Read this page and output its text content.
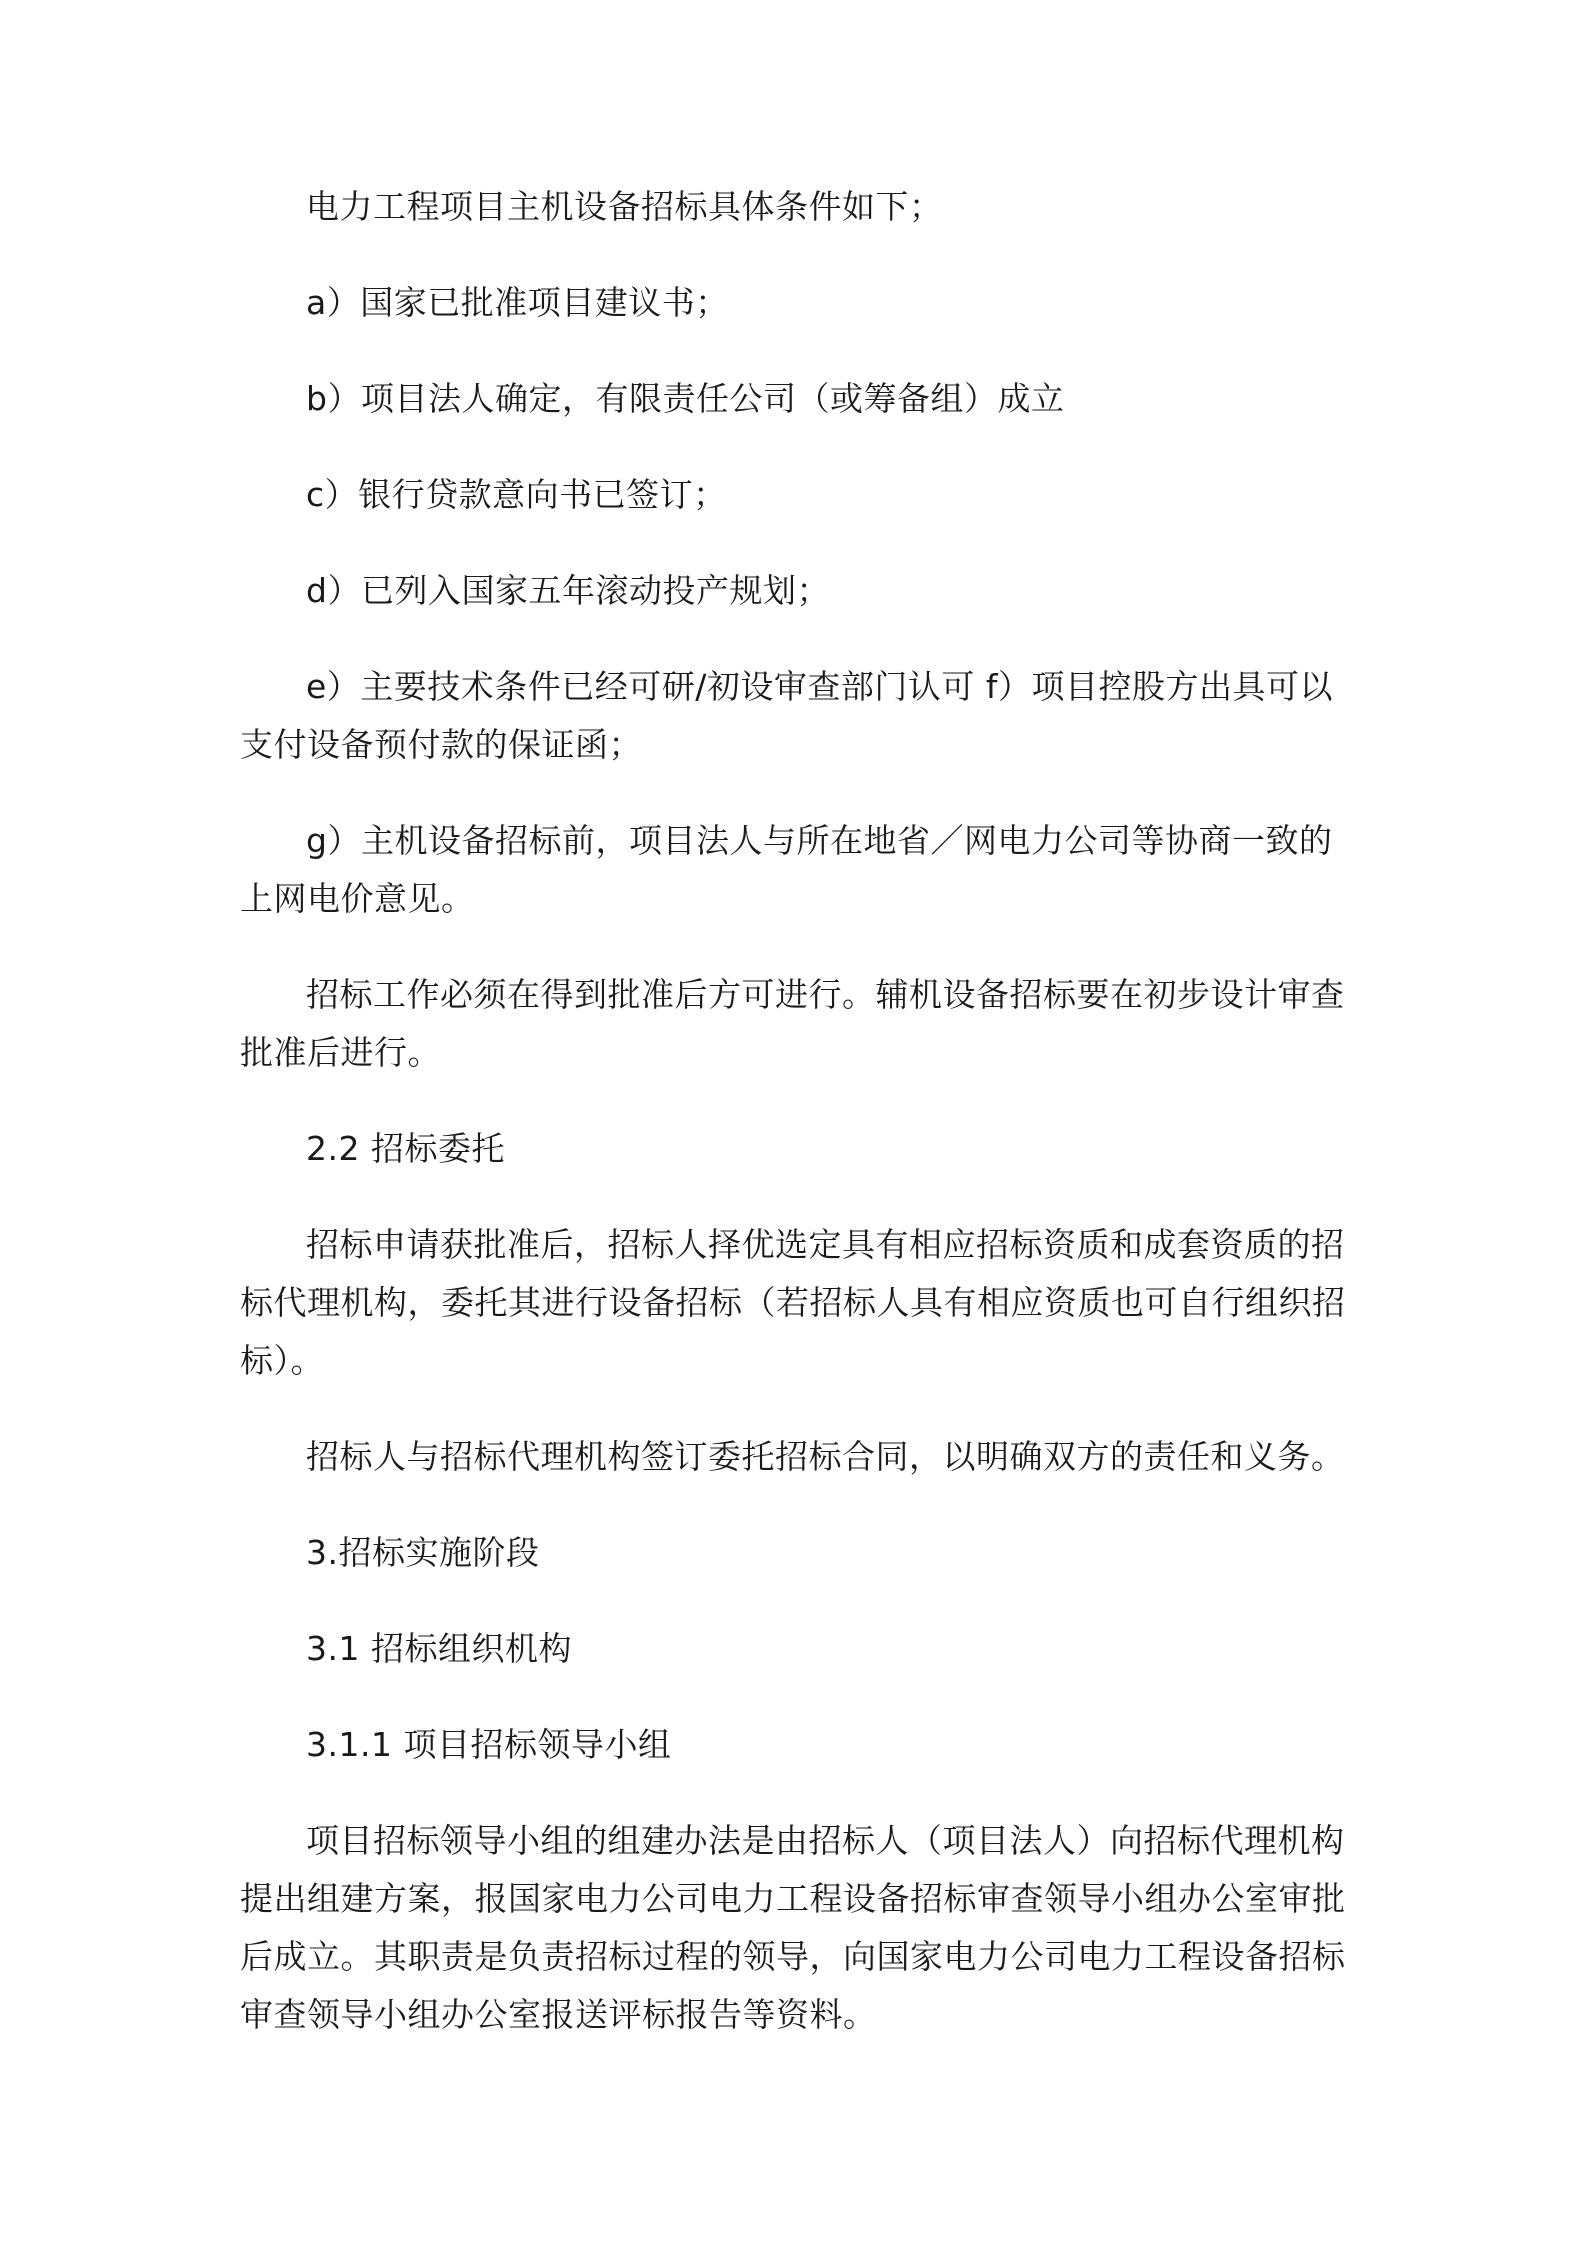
电力工程项目主机设备招标具体条件如下；

a）国家已批准项目建议书；

b）项目法人确定，有限责任公司（或筹备组）成立

c）银行贷款意向书已签订；

d）已列入国家五年滚动投产规划；

e）主要技术条件已经可研/初设审查部门认可 f）项目控股方出具可以支付设备预付款的保证函；

g）主机设备招标前，项目法人与所在地省／网电力公司等协商一致的上网电价意见。

招标工作必须在得到批准后方可进行。辅机设备招标要在初步设计审查批准后进行。

2.2 招标委托

招标申请获批准后，招标人择优选定具有相应招标资质和成套资质的招标代理机构，委托其进行设备招标（若招标人具有相应资质也可自行组织招标）。

招标人与招标代理机构签订委托招标合同，以明确双方的责任和义务。

3.招标实施阶段

3.1 招标组织机构

3.1.1 项目招标领导小组

项目招标领导小组的组建办法是由招标人（项目法人）向招标代理机构提出组建方案，报国家电力公司电力工程设备招标审查领导小组办公室审批后成立。其职责是负责招标过程的领导，向国家电力公司电力工程设备招标审查领导小组办公室报送评标报告等资料。
